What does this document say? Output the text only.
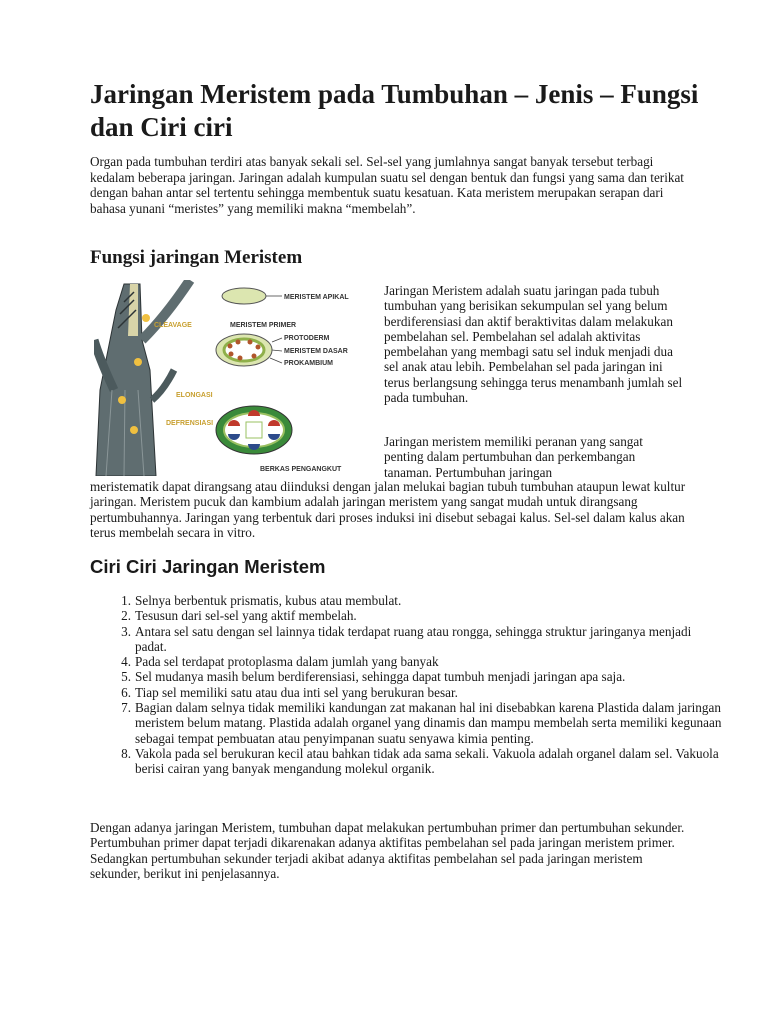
Jaringan Meristem pada Tumbuhan – Jenis – Fungsi dan Ciri ciri

Organ pada tumbuhan terdiri atas banyak sekali sel. Sel-sel yang jumlahnya sangat banyak tersebut terbagi kedalam beberapa jaringan. Jaringan adalah kumpulan suatu sel dengan bentuk dan fungsi yang sama dan terikat dengan bahan antar sel tertentu sehingga membentuk suatu kesatuan. Kata meristem merupakan serapan dari bahasa yunani “meristes” yang memiliki makna “membelah”.

Fungsi jaringan Meristem
MERISTEM APIKAL
CLEAVAGE	MERISTEM PRIMER
PROTODERM
MERISTEM DASAR
PROKAMBIUM
ELONGASI
DEFRENSIASI
BERKAS PENGANGKUT

Jaringan Meristem adalah suatu jaringan pada tubuh tumbuhan yang berisikan sekumpulan sel yang belum berdiferensiasi dan aktif beraktivitas dalam melakukan pembelahan sel. Pembelahan sel adalah aktivitas pembelahan yang membagi satu sel induk menjadi dua sel anak atau lebih. Pembelahan sel pada jaringan ini terus berlangsung sehingga terus menambanh jumlah sel pada tumbuhan.

Jaringan meristem memiliki peranan yang sangat penting dalam pertumbuhan dan perkembangan tanaman. Pertumbuhan jaringan

meristematik dapat dirangsang atau diinduksi dengan jalan melukai bagian tubuh tumbuhan ataupun lewat kultur jaringan. Meristem pucuk dan kambium adalah jaringan meristem yang sangat mudah untuk dirangsang pertumbuhannya. Jaringan yang terbentuk dari proses induksi ini disebut sebagai kalus. Sel-sel dalam kalus akan terus membelah secara in vitro.

Ciri Ciri Jaringan Meristem
1. Selnya berbentuk prismatis, kubus atau membulat.
2. Tesusun dari sel-sel yang aktif membelah.
3. Antara sel satu dengan sel lainnya tidak terdapat ruang atau rongga, sehingga struktur jaringanya menjadi padat.
4. Pada sel terdapat protoplasma dalam jumlah yang banyak
5. Sel mudanya masih belum berdiferensiasi, sehingga dapat tumbuh menjadi jaringan apa saja.
6. Tiap sel memiliki satu atau dua inti sel yang berukuran besar.
7. Bagian dalam selnya tidak memiliki kandungan zat makanan hal ini disebabkan karena Plastida dalam jaringan meristem belum matang. Plastida adalah organel yang dinamis dan mampu membelah serta memiliki kegunaan sebagai tempat pembuatan atau penyimpanan suatu senyawa kimia penting.
8. Vakola pada sel berukuran kecil atau bahkan tidak ada sama sekali. Vakuola adalah organel dalam sel. Vakuola berisi cairan yang banyak mengandung molekul organik.

Dengan adanya jaringan Meristem, tumbuhan dapat melakukan pertumbuhan primer dan pertumbuhan sekunder. Pertumbuhan primer dapat terjadi dikarenakan adanya aktifitas pembelahan sel pada jaringan meristem primer. Sedangkan pertumbuhan sekunder terjadi akibat adanya aktifitas pembelahan sel pada jaringan meristem sekunder, berikut ini penjelasannya.
